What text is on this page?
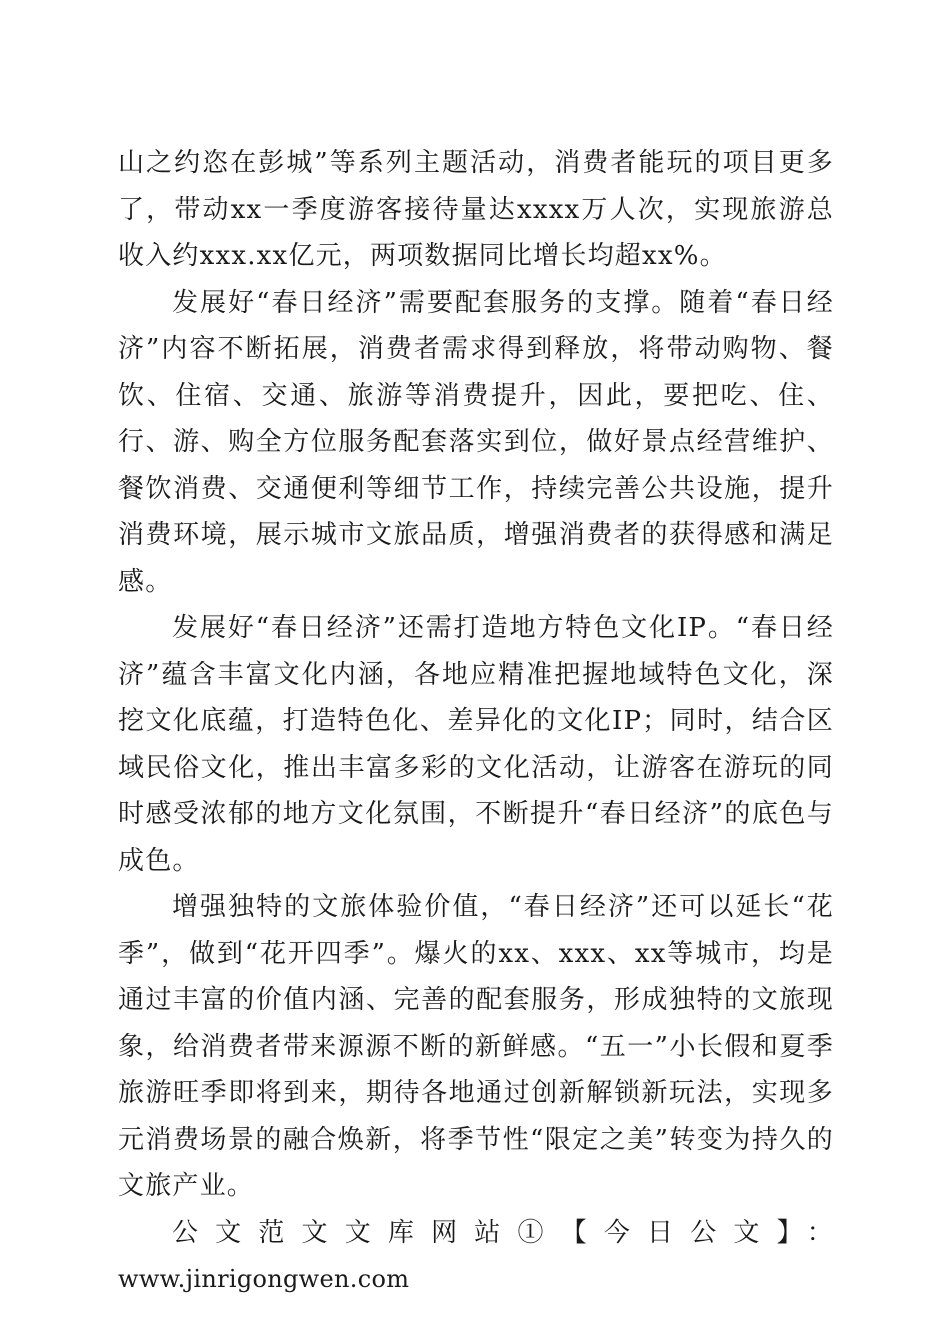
山之约恣在彭城”等系列主题活动，消费者能玩的项目更多了，带动xx一季度游客接待量达xxxx万人次，实现旅游总收入约xxx.xx亿元，两项数据同比增长均超xx%。

发展好“春日经济”需要配套服务的支撑。随着“春日经济”内容不断拓展，消费者需求得到释放，将带动购物、餐饮、住宿、交通、旅游等消费提升，因此，要把吃、住、行、游、购全方位服务配套落实到位，做好景点经营维护、餐饮消费、交通便利等细节工作，持续完善公共设施，提升消费环境，展示城市文旅品质，增强消费者的获得感和满足感。

发展好“春日经济”还需打造地方特色文化IP。“春日经济”蕴含丰富文化内涵，各地应精准把握地域特色文化，深挖文化底蕴，打造特色化、差异化的文化IP；同时，结合区域民俗文化，推出丰富多彩的文化活动，让游客在游玩的同时感受浓郁的地方文化氛围，不断提升“春日经济”的底色与成色。

增强独特的文旅体验价值，“春日经济”还可以延长“花季”，做到“花开四季”。爆火的xx、xxx、xx等城市，均是通过丰富的价值内涵、完善的配套服务，形成独特的文旅现象，给消费者带来源源不断的新鲜感。“五一”小长假和夏季旅游旺季即将到来，期待各地通过创新解锁新玩法，实现多元消费场景的融合焕新，将季节性“限定之美”转变为持久的文旅产业。

公文范文文库网站①【今日公文】：

www.jinrigongwen.com
